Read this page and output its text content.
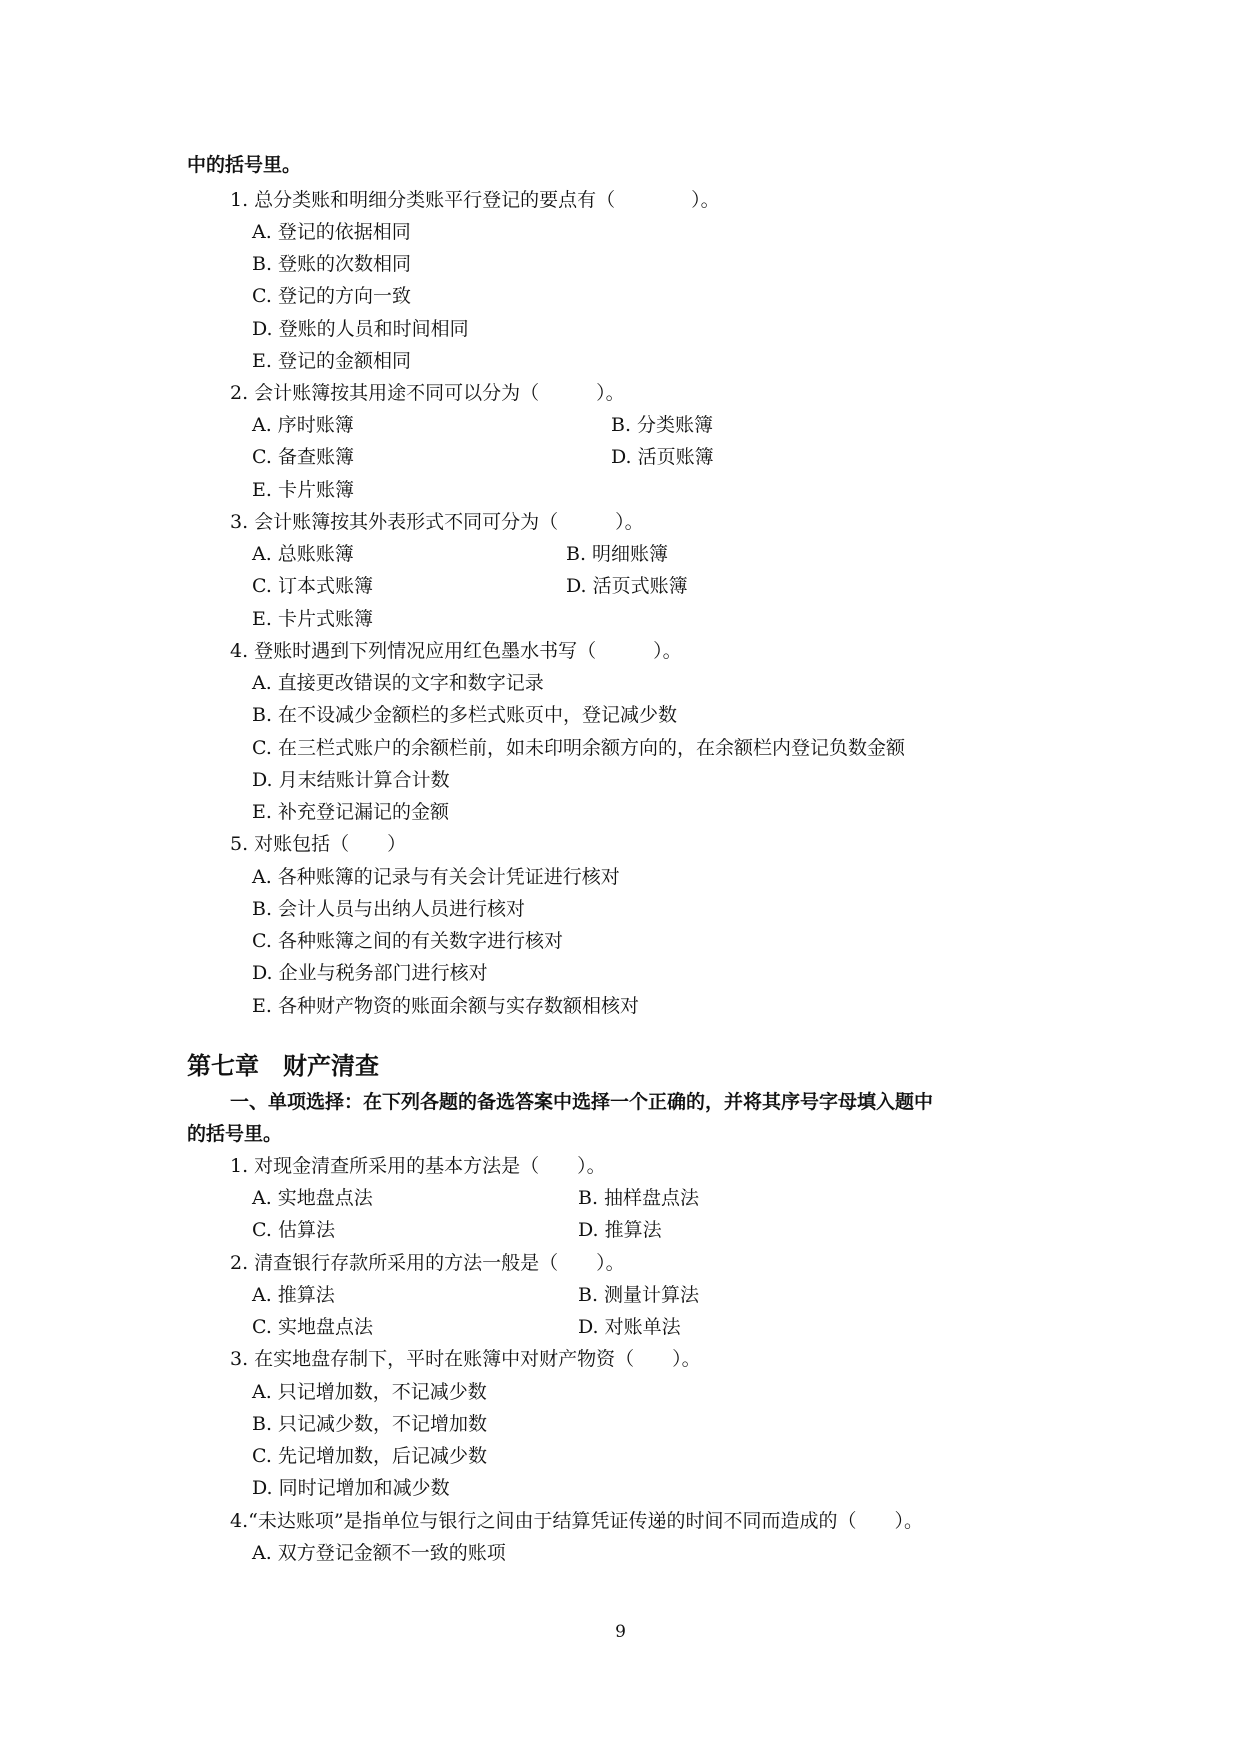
中的括号里。
1. 总分类账和明细分类账平行登记的要点有（　　　　）。
A. 登记的依据相同
B. 登账的次数相同
C. 登记的方向一致
D. 登账的人员和时间相同
E. 登记的金额相同
2. 会计账簿按其用途不同可以分为（　　　）。
A. 序时账簿	B. 分类账簿
C. 备查账簿	D. 活页账簿
E. 卡片账簿
3. 会计账簿按其外表形式不同可分为（　　　）。
A. 总账账簿	B. 明细账簿
C. 订本式账簿	D. 活页式账簿
E. 卡片式账簿
4. 登账时遇到下列情况应用红色墨水书写（　　　）。
A. 直接更改错误的文字和数字记录
B. 在不设减少金额栏的多栏式账页中，登记减少数
C. 在三栏式账户的余额栏前，如未印明余额方向的，在余额栏内登记负数金额
D. 月末结账计算合计数
E. 补充登记漏记的金额
5. 对账包括（　　）
A. 各种账簿的记录与有关会计凭证进行核对
B. 会计人员与出纳人员进行核对
C. 各种账簿之间的有关数字进行核对
D. 企业与税务部门进行核对
E. 各种财产物资的账面余额与实存数额相核对
第七章　财产清查
一、单项选择：在下列各题的备选答案中选择一个正确的，并将其序号字母填入题中
的括号里。
1. 对现金清查所采用的基本方法是（　　）。
A. 实地盘点法	B. 抽样盘点法
C. 估算法	D. 推算法
2. 清查银行存款所采用的方法一般是（　　）。
A. 推算法	B. 测量计算法
C. 实地盘点法	D. 对账单法
3. 在实地盘存制下，平时在账簿中对财产物资（　　）。
A. 只记增加数，不记减少数
B. 只记减少数，不记增加数
C. 先记增加数，后记减少数
D. 同时记增加和减少数
4.“未达账项”是指单位与银行之间由于结算凭证传递的时间不同而造成的（　　）。
A. 双方登记金额不一致的账项
9
